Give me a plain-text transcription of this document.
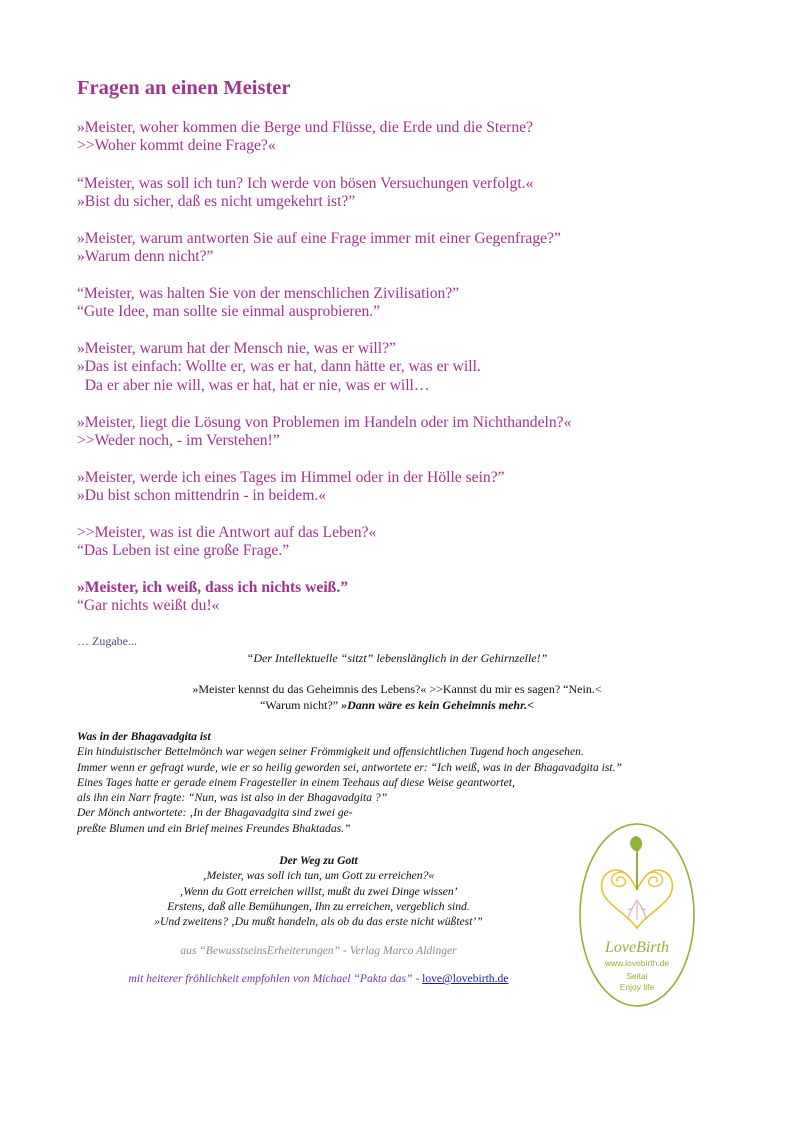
Fragen an einen Meister
»Meister, woher kommen die Berge und Flüsse, die Erde und die Sterne?
>>Woher kommt deine Frage?«
“Meister, was soll ich tun? Ich werde von bösen Versuchungen verfolgt.«
»Bist du sicher, daß es nicht umgekehrt ist?”
»Meister, warum antworten Sie auf eine Frage immer mit einer Gegenfrage?”
»Warum denn nicht?”
“Meister, was halten Sie von der menschlichen Zivilisation?”
“Gute Idee, man sollte sie einmal ausprobieren.”
»Meister, warum hat der Mensch nie, was er will?”
»Das ist einfach: Wollte er, was er hat, dann hätte er, was er will.
Da er aber nie will, was er hat, hat er nie, was er will…
»Meister, liegt die Lösung von Problemen im Handeln oder im Nichthandeln?«
>>Weder noch, - im Verstehen!”
»Meister, werde ich eines Tages im Himmel oder in der Hölle sein?”
»Du bist schon mittendrin - in beidem.«
>>Meister, was ist die Antwort auf das Leben?«
“Das Leben ist eine große Frage.”
»Meister, ich weiß, dass ich nichts weiß.”
“Gar nichts weißt du!«
… Zugabe...
“Der Intellektuelle “sitzt” lebenslänglich in der Gehirnzelle!”
»Meister kennst du das Geheimnis des Lebens?« >>Kannst du mir es sagen? “Nein.<
“Warum nicht?” »Dann wäre es kein Geheimnis mehr.<
Was in der Bhagavadgita ist
Ein hinduistischer Bettelmönch war wegen seiner Frömmigkeit und offensichtlichen Tugend hoch angesehen.
Immer wenn er gefragt wurde, wie er so heilig geworden sei, antwortete er: “Ich weiß, was in der Bhagavadgita ist.”
Eines Tages hatte er gerade einem Fragesteller in einem Teehaus auf diese Weise geantwortet,
als ihn ein Narr fragte: “Nun, was ist also in der Bhagavadgita ?”
Der Mönch antwortete: ‚In der Bhagavadgita sind zwei ge-
preßte Blumen und ein Brief meines Freundes Bhaktadas.”
Der Weg zu Gott
‚Meister, was soll ich tun, um Gott zu erreichen?«
‚Wenn du Gott erreichen willst, mußt du zwei Dinge wissen’
Erstens, daß alle Bemühungen, Ihn zu erreichen, vergeblich sind.
»Und zweitens? ‚Du mußt handeln, als ob du das erste nicht wüßtest’”
aus “BewusstseinsErheiterungen” - Verlag Marco Aldinger
mit heiterer fröhlichkeit empfohlen von Michael “Pakta das” - love@lovebirth.de
LoveBirth
www.lovebirth.de
Seitai
Enjoy life
